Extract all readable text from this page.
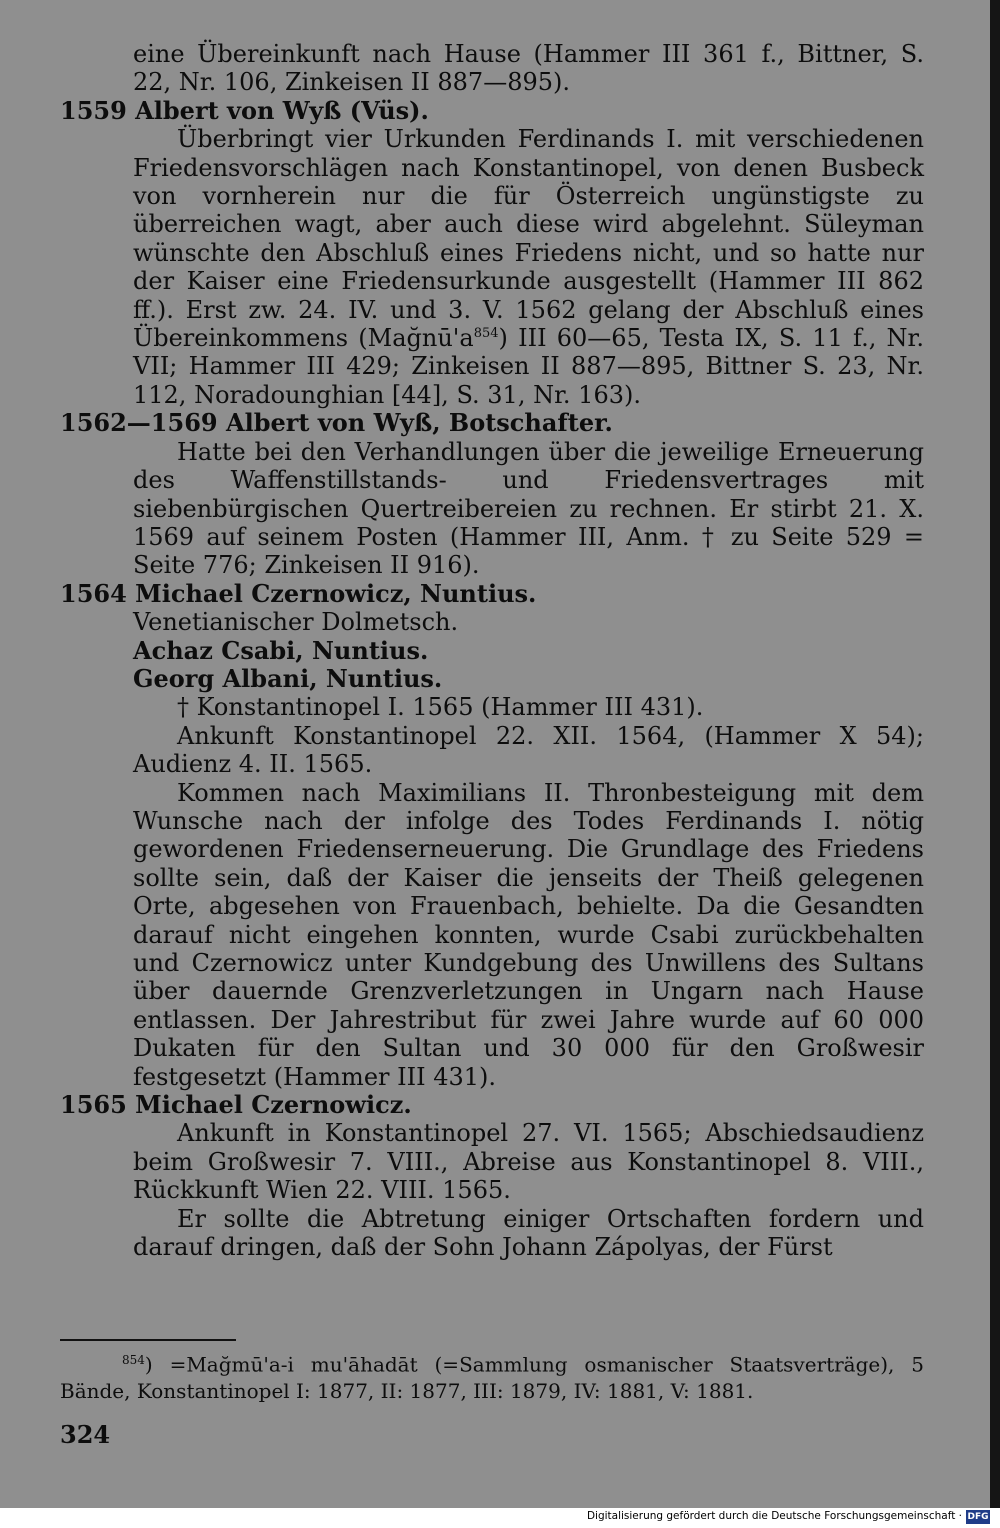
eine Übereinkunft nach Hause (Hammer III 361 f., Bittner, S. 22, Nr. 106, Zinkeisen II 887—895).

1559 Albert von Wyß (Vüs).

Überbringt vier Urkunden Ferdinands I. mit verschiedenen Friedensvorschlägen nach Konstantinopel, von denen Busbeck von vornherein nur die für Österreich ungünstigste zu überreichen wagt, aber auch diese wird abgelehnt. Süleyman wünschte den Abschluß eines Friedens nicht, und so hatte nur der Kaiser eine Friedensurkunde ausgestellt (Hammer III 862 ff.). Erst zw. 24. IV. und 3. V. 1562 gelang der Abschluß eines Übereinkommens $(Mağnū'a^{854})$ III 60—65, Testa IX, S. 11 f., Nr. VII; Hammer III 429; Zinkeisen II 887—895, Bittner S. 23, Nr. 112, Noradounghian [44], S. 31, Nr. 163).

1562—1569 Albert von Wyß, Botschafter.

Hatte bei den Verhandlungen über die jeweilige Erneuerung des Waffenstillstands- und Friedensvertrages mit siebenbürgischen Quertreibereien zu rechnen. Er stirbt 21. X. 1569 auf seinem Posten (Hammer III, Anm. † zu Seite 529 = Seite 776; Zinkeisen II 916).

1564 Michael Czernowicz, Nuntius.

Venetianischer Dolmetsch.

Achaz Csabi, Nuntius.

Georg Albani, Nuntius.

† Konstantinopel I. 1565 (Hammer III 431).

Ankunft Konstantinopel 22. XII. 1564, (Hammer X 54); Audienz 4. II. 1565.

Kommen nach Maximilians II. Thronbesteigung mit dem Wunsche nach der infolge des Todes Ferdinands I. nötig gewordenen Friedenserneuerung. Die Grundlage des Friedens sollte sein, daß der Kaiser die jenseits der Theiß gelegenen Orte, abgesehen von Frauenbach, behielte. Da die Gesandten darauf nicht eingehen konnten, wurde Csabi zurückbehalten und Czernowicz unter Kundgebung des Unwillens des Sultans über dauernde Grenzverletzungen in Ungarn nach Hause entlassen. Der Jahrestribut für zwei Jahre wurde auf 60 000 Dukaten für den Sultan und 30 000 für den Großwesir festgesetzt (Hammer III 431).

1565 Michael Czernowicz.

Ankunft in Konstantinopel 27. VI. 1565; Abschiedsaudienz beim Großwesir 7. VIII., Abreise aus Konstantinopel 8. VIII., Rückkunft Wien 22. VIII. 1565.

Er sollte die Abtretung einiger Ortschaften fordern und darauf dringen, daß der Sohn Johann Zápolyas, der Fürst

$^{854}$) =Mağmū'a-i mu'āhadāt (=Sammlung osmanischer Staatsverträge), 5 Bände, Konstantinopel I: 1877, II: 1877, III: 1879, IV: 1881, V: 1881.

324
Digitalisierung gefördert durch die Deutsche Forschungsgemeinschaft · DFG
